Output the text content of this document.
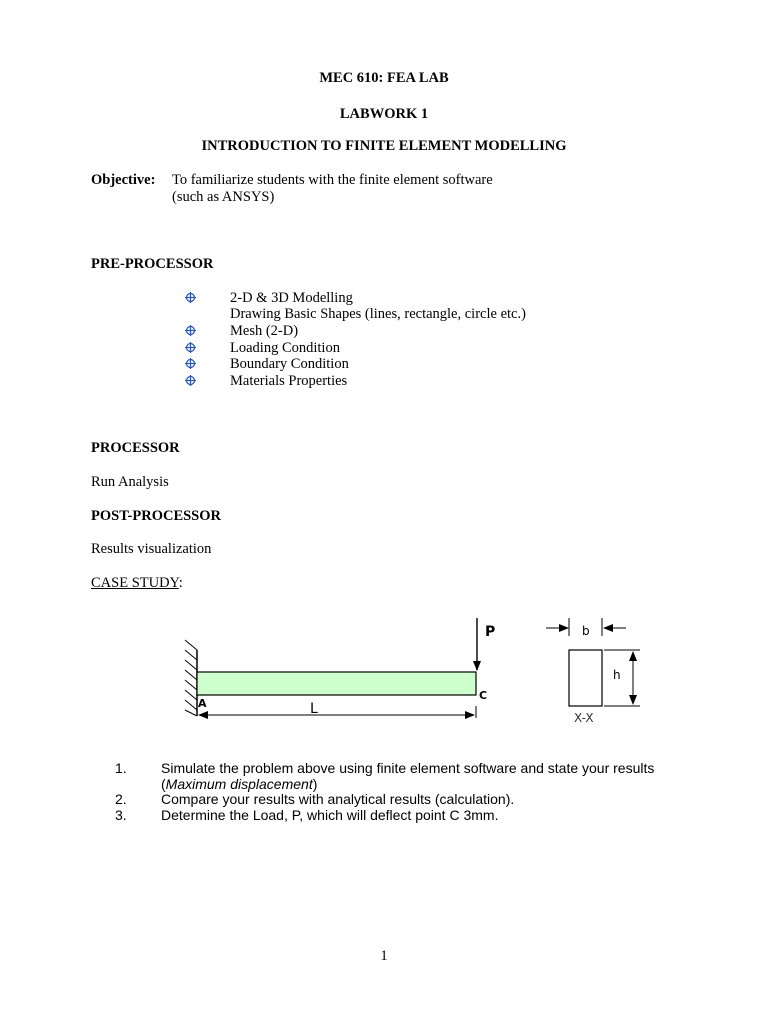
MEC 610: FEA LAB
LABWORK 1
INTRODUCTION TO FINITE ELEMENT MODELLING
Objective: To familiarize students with the finite element software
(such as ANSYS)
PRE-PROCESSOR
2-D & 3D Modelling
Drawing Basic Shapes (lines, rectangle, circle etc.)
Mesh (2-D)
Loading Condition
Boundary Condition
Materials Properties
PROCESSOR
Run Analysis
POST-PROCESSOR
Results visualization
CASE STUDY:
P
A
C
L
b
h
X-X
1. Simulate the problem above using finite element software and state your results
(Maximum displacement)
2. Compare your results with analytical results (calculation).
3. Determine the Load, P, which will deflect point C 3mm.
1
